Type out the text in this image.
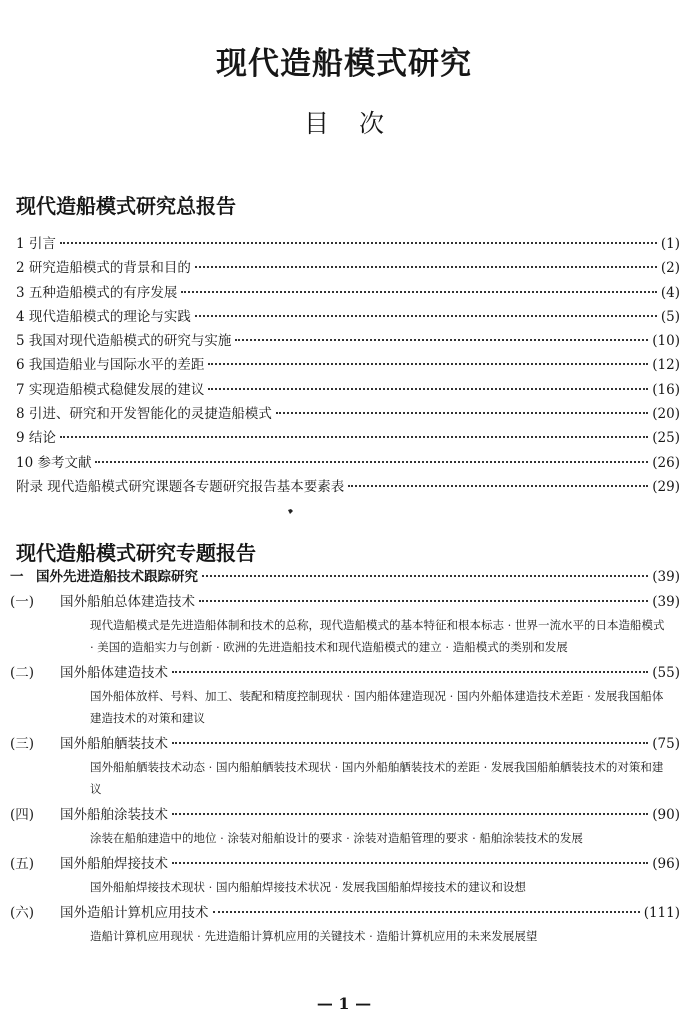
现代造船模式研究
目次
现代造船模式研究总报告
1 引言	(1)
2 研究造船模式的背景和目的	(2)
3 五种造船模式的有序发展	(4)
4 现代造船模式的理论与实践	(5)
5 我国对现代造船模式的研究与实施	(10)
6 我国造船业与国际水平的差距	(12)
7 实现造船模式稳健发展的建议	(16)
8 引进、研究和开发智能化的灵捷造船模式	(20)
9 结论	(25)
10 参考文献	(26)
附录 现代造船模式研究课题各专题研究报告基本要素表	(29)
现代造船模式研究专题报告
一 国外先进造船技术跟踪研究	(39)
(一)	国外船舶总体建造技术	(39)
现代造船模式是先进造船体制和技术的总称，现代造船模式的基本特征和根本标志 · 世界一流水平的日本造船模式 · 美国的造船实力与创新 · 欧洲的先进造船技术和现代造船模式的建立 · 造船模式的类别和发展
(二)	国外船体建造技术	(55)
国外船体放样、号料、加工、装配和精度控制现状 · 国内船体建造现况 · 国内外船体建造技术差距 · 发展我国船体建造技术的对策和建议
(三)	国外船舶舾装技术	(75)
国外船舶舾装技术动态 · 国内船舶舾装技术现状 · 国内外船舶舾装技术的差距 · 发展我国船舶舾装技术的对策和建议
(四)	国外船舶涂装技术	(90)
涂装在船舶建造中的地位 · 涂装对船舶设计的要求 · 涂装对造船管理的要求 · 船舶涂装技术的发展
(五)	国外船舶焊接技术	(96)
国外船舶焊接技术现状 · 国内船舶焊接技术状况 · 发展我国船舶焊接技术的建议和设想
(六)	国外造船计算机应用技术	(111)
造船计算机应用现状 · 先进造船计算机应用的关键技术 · 造船计算机应用的未来发展展望
— 1 —
